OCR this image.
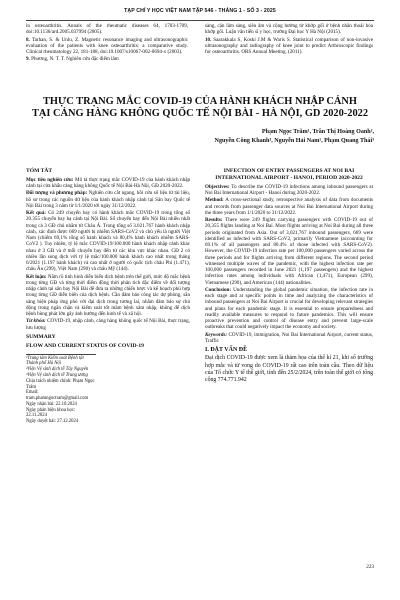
TẠP CHÍ Y HỌC VIỆT NAM TẬP 546 - THÁNG 1 - SỐ 3 - 2025

in osteoarthritis. Annals of the rheumatic diseases 64, 1703-1709, doi:10.1136/ard.2005.037994 (2005).

8. Tarhan, S. & Unlu, Z. Magnetic resonance imaging and ultrasonographic evaluation of the patients with knee osteoarthritis: a comparative study. Clinical rheumatology 22, 181-188, doi:10.1007/s10067-002-0694-x (2003).

9. Phương, N. T. T. Nghiên cứu đặc điểm lâm

sàng, cận lâm sàng, siêu âm và cộng hưởng từ khớp gối ở bệnh nhân thoái hóa khớp gối. Luận văn tiến sĩ y học, trường Đại học Y Hà Nội (2015).

10. Saarakkala S, Koski J.M & Waris S. Statistical comparison of non-invasive ultrasonography and radiography of knee joint to predict Arthroscopic findings for osteoarthritis. ORS Annual Meeting. (2011).

THỰC TRẠNG MẮC COVID-19 CỦA HÀNH KHÁCH NHẬP CẢNH
TẠI CẢNG HÀNG KHÔNG QUỐC TẾ NỘI BÀI - HÀ NỘI, GD 2020-2022
Phạm Ngọc Trâm¹, Trần Thị Hoàng Oanh²,
Nguyễn Công Khanh³, Nguyễn Hải Nam¹, Phạm Quang Thái³
TÓM TẮT

Mục tiêu nghiên cứu: Mô tả thực trạng mắc COVID-19 của hành khách nhập cảnh tại cửa khẩu cảng hàng không Quốc tế Nội Bài-Hà Nội, GĐ 2020-2022.

Đối tượng và phương pháp: Nghiên cứu cắt ngang, hồi cứu số liệu từ tài liệu, hồ sơ trong các nguồn dữ liệu của hành khách nhập cảnh tại Sân bay Quốc tế Nội Bài trong 3 năm từ 1/1/2020 tới ngày 31/12/2022.

Kết quả: Có 249 chuyến bay có hành khách mắc COVID-19 trong tổng số 20.355 chuyến bay hạ cánh tại Nội Bài. Số chuyến bay đến Nội Bài nhiều nhất trong cả 3 GĐ chủ nhằm từ Châu Á. Trong tổng số 3.021.767 hành khách nhập cảnh, xác định được 669 người bị nhiễm SARS-CoV2 và chủ yếu là người Việt Nam (chiếm 69,1% tổng số hành khách và 80,4% hành khách nhiễm SARS-CoV2 ). Tuy nhiên, tỷ lệ mắc COVID-19/100.000 hành khách nhập cảnh khác nhau ở 3 GĐ và ở mỗi chuyến bay đến từ các khu vực khác nhau. GĐ 2 có nhiều lần song dịch với tỷ lệ mắc/100.000 hành khách cao nhất trong tháng 6/2021 (1.197 hành khách) và cao nhất ở người có quốc tịch châu Phi (1.471), châu Âu (299), Việt Nam (290) và châu Mỹ (144).

Kết luận: Nắm rõ tình hình diễn biến dịch bệnh trên thế giới, mức độ mắc bệnh trong từng GĐ và từng thời điểm đồng thời phân tích đặc điểm về đối tượng nhập cảnh tại sân bay Nội Bài để đưa ra những chiến lược và kế hoạch phù hợp trong từng GĐ diễn biến của dịch bệnh. Cần đảm bảo công tác dự phòng, sẵn sàng biện pháp ứng phó với đại dịch trong tương lai, nhằm đảm bảo sự chủ động trong ngăn chặn và kiểm soát tốt mầm bệnh xâm nhập, không để dịch bệnh bùng phát lớn gây ảnh hưởng đến kinh tế và xã hội.

Từ khóa: COVID-19, nhập cảnh, cảng hàng không quốc tế Nội Bài, thực trạng, lưu lượng

SUMMARY
FLOW AND CURRENT STATUS OF COVID-19

¹Trung tâm Kiểm soát Bệnh tật Thành phố Hà Nội

²Viện Vệ sinh dịch tễ Tây Nguyên

³Viện Vệ sinh dịch tễ Trung ương

Chịu trách nhiệm chính: Phạm Ngọc Trâm

Email: tram.phamngoctram@gmail.com

Ngày nhận bài: 22.10.2024

Ngày phản biện khoa học: 22.11.2024

Ngày duyệt bài: 27.12.2024

INFECTION OF ENTRY PASSENGERS AT NOI BAI INTERNATIONAL AIRPORT - HANOI, PERIOD 2020-2022

Objectives: To describe the COVID-19 infections among inbound passengers at Noi Bai International Airport - Hanoi during 2020-2022.

Method: A cross-sectional study, retrospective analysis of data from documents and records from passenger data sources at Noi Bai International Airport during the three years from 1/1/2020 to 31/12/2022.

Results: There were 249 flights carrying passengers with COVID-19 out of 20,355 flights landing at Noi Bai. Most flights arriving at Noi Bai during all three periods originated from Asia. Out of 3,021,767 inbound passengers, 669 were identified as infected with SARS-CoV2, primarily Vietnamese (accounting for 69.1% of all passengers and 80.4% of those infected with SARS-CoV2). However, the COVID-19 infection rate per 100,000 passengers varied across the three periods and for flights arriving from different regions. The second period witnessed multiple waves of the pandemic, with the highest infection rate per 100,000 passengers recorded in June 2021 (1,197 passengers) and the highest infection rates among individuals with African (1,471), European (299), Vietnamese (290), and American (144) nationalities.

Conclusion: Understanding the global pandemic situation, the infection rate in each stage and at specific points in time and analyzing the characteristics of inbound passengers at Noi Bai Airport is crucial for developing relevant strategies and plans for each pandemic stage. It is essential to ensure preparedness and readily available measures to respond to future pandemics. This will ensure proactive prevention and control of disease entry and prevent large-scale outbreaks that could negatively impact the economy and society.

Keywords: COVID-19, immigration, Noi Bai International Airport, current status, Traffic

I. ĐẶT VẤN ĐỀ

Đại dịch COVID-19 được xem là thảm họa của thế kỉ 21, khi số trường hợp mắc và tử vong do COVID-19 rất cao trên toàn cầu. Theo dữ liệu của Tổ chức Y tế thế giới, tính đến 25/2/2024, trên toàn thế giới có tổng cộng 774.771.942

223
